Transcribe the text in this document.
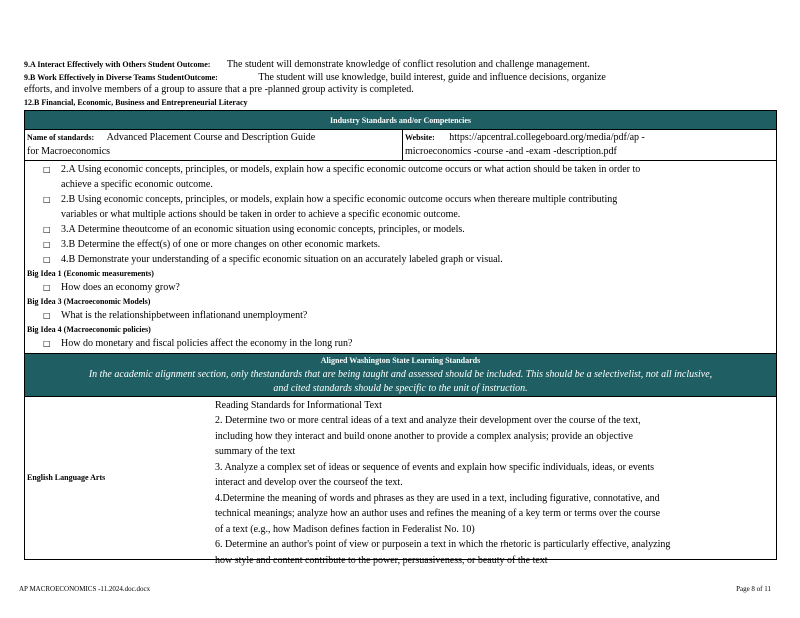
9.A Interact Effectively with Others Student Outcome: The student will demonstrate knowledge of conflict resolution and challenge management.
9.B Work Effectively in Diverse Teams StudentOutcome:	The student will use knowledge, build interest, guide and influence decisions, organize
efforts, and involve members of a group to assure that a pre -planned group activity is completed.
12.B Financial, Economic, Business and Entrepreneurial Literacy
Industry Standards and/or Competencies
Name of standards: Advanced Placement Course and Description Guide
for Macroeconomics
Website: https://apcentral.collegeboard.org/media/pdf/ap -
microeconomics -course -and -exam -description.pdf
□ 2.A Using economic concepts, principles, or models, explain how a specific economic outcome occurs or what action should be taken in order to
achieve a specific economic outcome.
□ 2.B Using economic concepts, principles, or models, explain how a specific economic outcome occurs when thereare multiple contributing
variables or what multiple actions should be taken in order to achieve a specific economic outcome.
□ 3.A Determine theoutcome of an economic situation using economic concepts, principles, or models.
□ 3.B Determine the effect(s) of one or more changes on other economic markets.
□ 4.B Demonstrate your understanding of a specific economic situation on an accurately labeled graph or visual.
Big Idea 1 (Economic measurements)
□ How does an economy grow?
Big Idea 3 (Macroeconomic Models)
□ What is the relationshipbetween inflationand unemployment?
Big Idea 4 (Macroeconomic policies)
□ How do monetary and fiscal policies affect the economy in the long run?
Aligned Washington State Learning Standards
In the academic alignment section, only thestandards that are being taught and assessed should be included. This should be a selectivelist, not all inclusive,
and cited standards should be specific to the unit of instruction.
English Language Arts
Reading Standards for Informational Text
2. Determine two or more central ideas of a text and analyze their development over the course of the text,
including how they interact and build onone another to provide a complex analysis; provide an objective
summary of the text
3. Analyze a complex set of ideas or sequence of events and explain how specific individuals, ideas, or events
interact and develop over the courseof the text.
4.Determine the meaning of words and phrases as they are used in a text, including figurative, connotative, and
technical meanings; analyze how an author uses and refines the meaning of a key term or terms over the course
of a text (e.g., how Madison defines faction in Federalist No. 10)
6. Determine an author's point of view or purposein a text in which the rhetoric is particularly effective, analyzing
how style and content contribute to the power, persuasiveness, or beauty of the text
AP MACROECONOMICS -11.2024.doc.docx	Page 8 of 11
